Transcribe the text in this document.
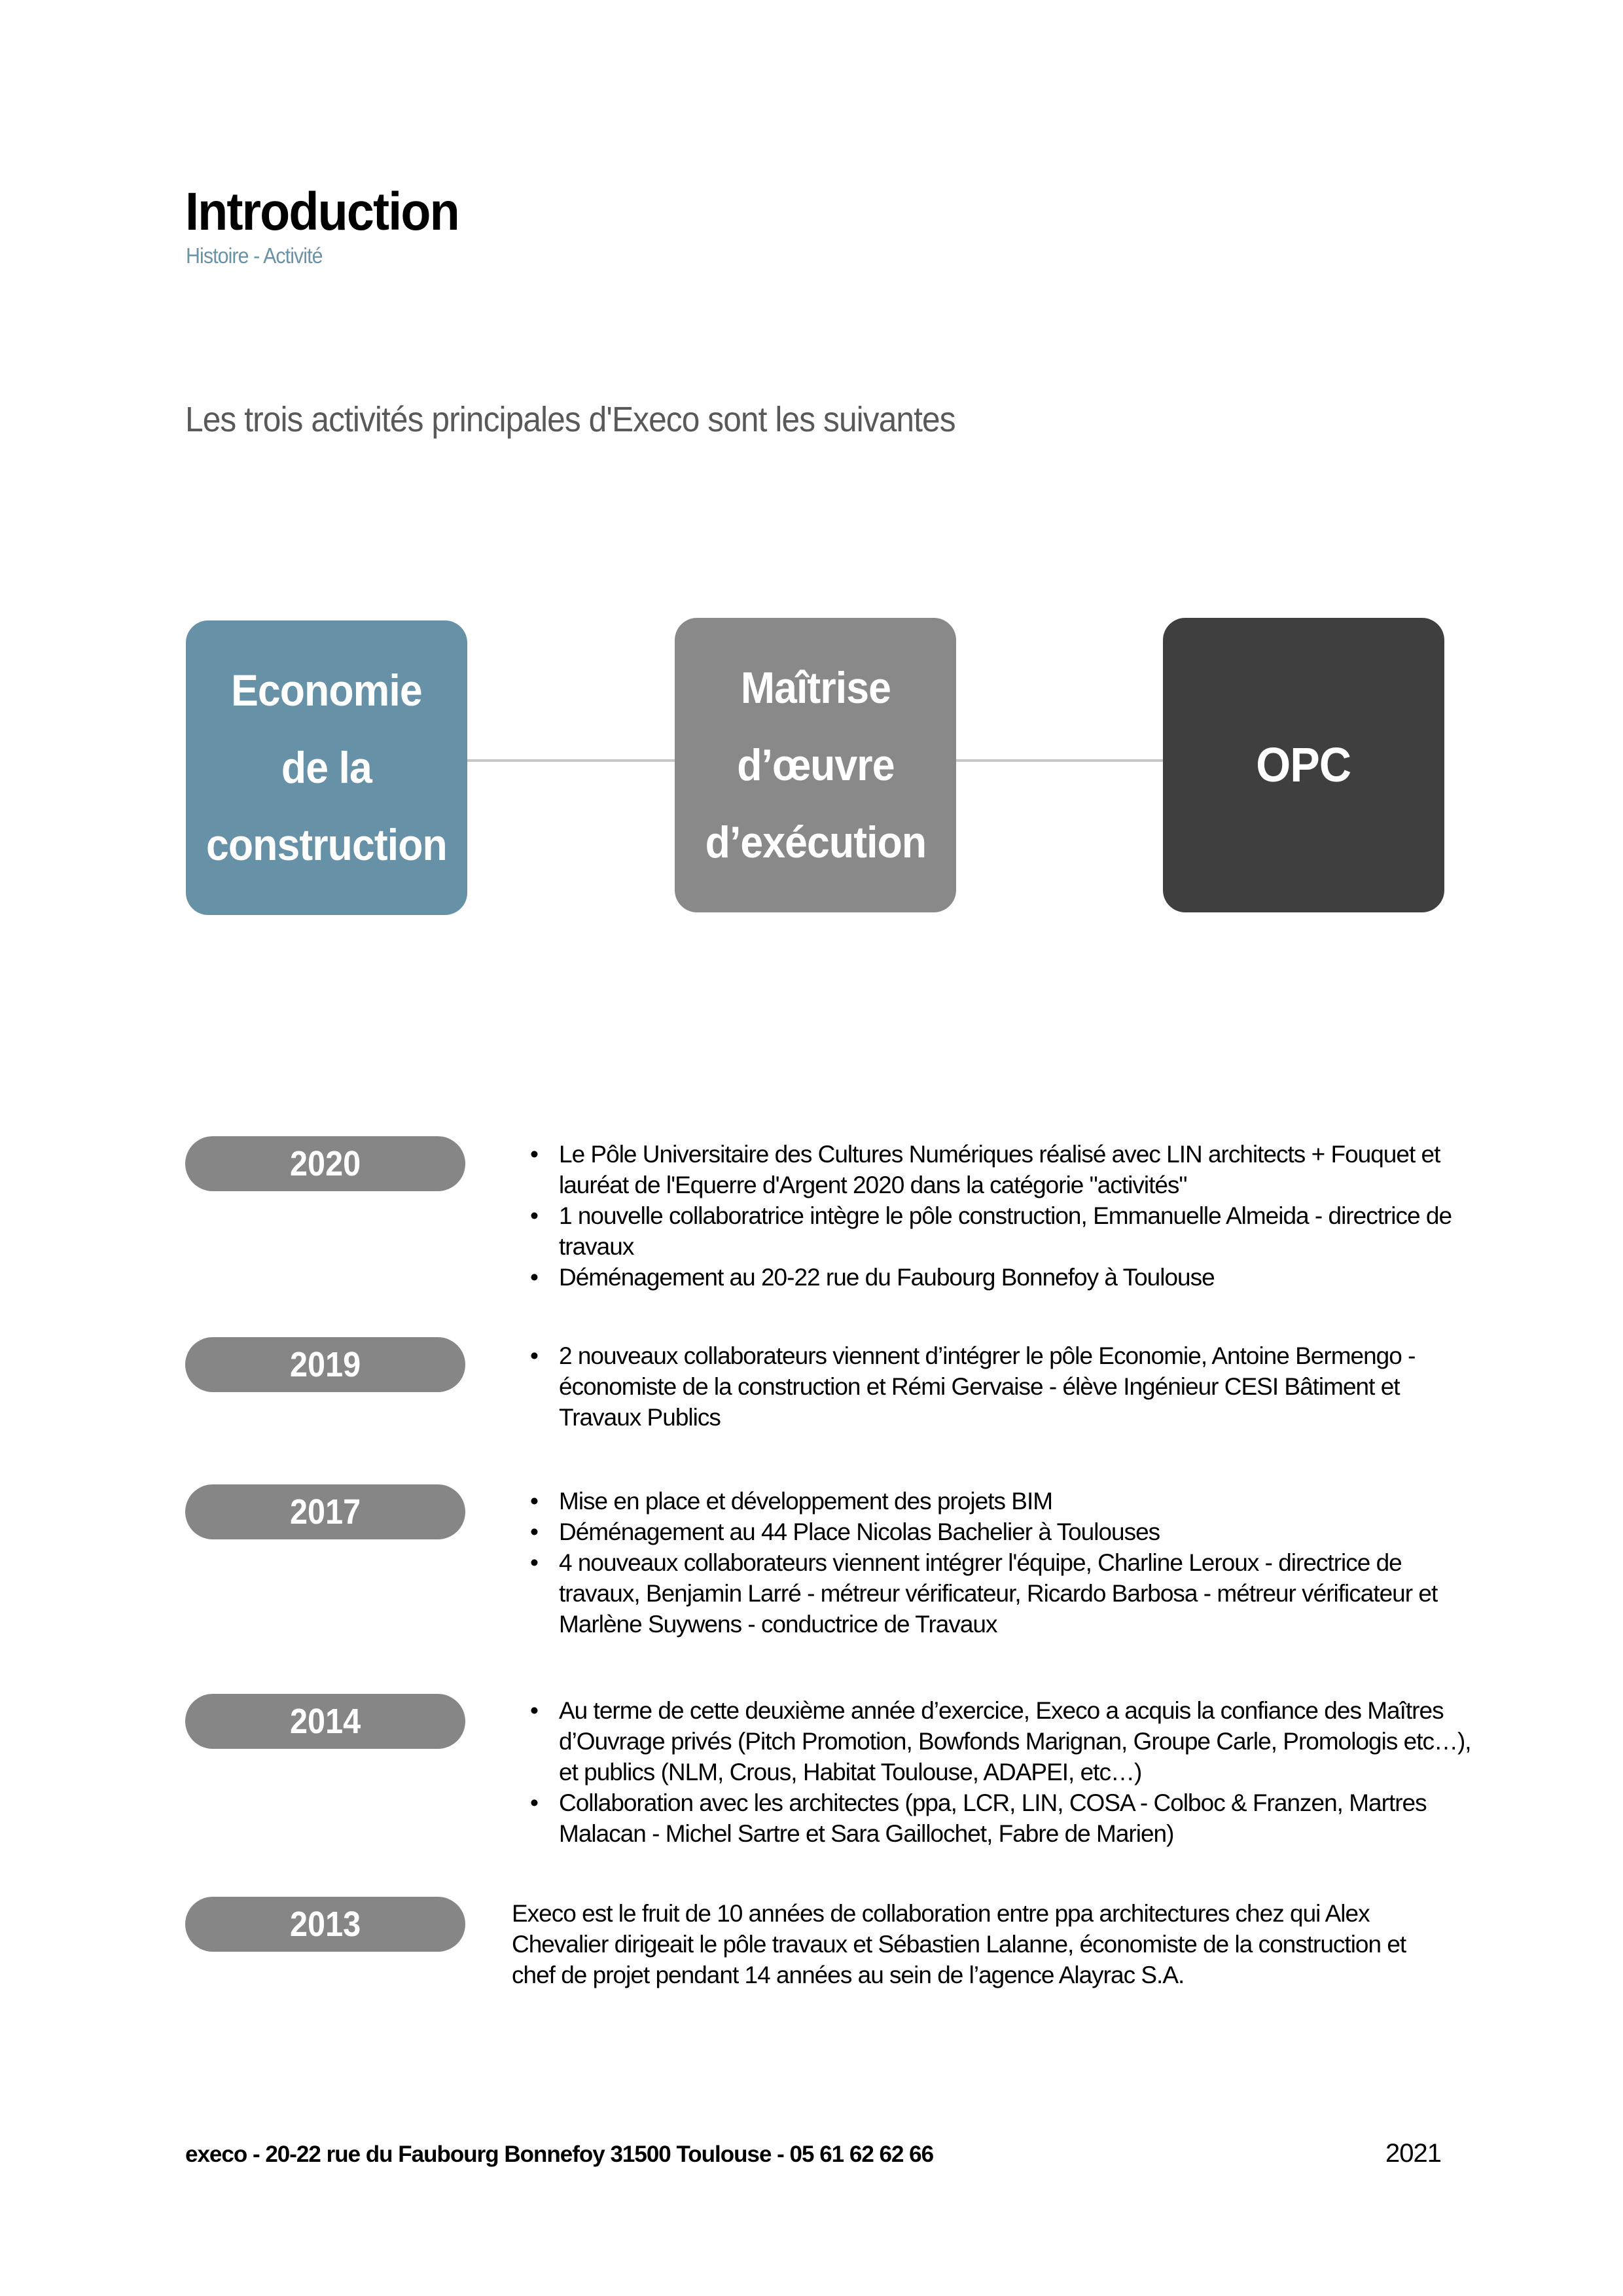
Introduction
Histoire - Activité
Les trois activités principales d'Execo sont les suivantes
Economie
de la
construction
Maîtrise
d’œuvre
d’exécution
OPC
2020	• Le Pôle Universitaire des Cultures Numériques réalisé avec LIN architects + Fouquet et lauréat de l'Equerre d'Argent 2020 dans la catégorie "activités"
• 1 nouvelle collaboratrice intègre le pôle construction, Emmanuelle Almeida - directrice de travaux
• Déménagement au 20-22 rue du Faubourg Bonnefoy à Toulouse
2019	• 2 nouveaux collaborateurs viennent d’intégrer le pôle Economie, Antoine Bermengo - économiste de la construction et Rémi Gervaise - élève Ingénieur CESI Bâtiment et Travaux Publics
2017	• Mise en place et développement des projets BIM
• Déménagement au 44 Place Nicolas Bachelier à Toulouses
• 4 nouveaux collaborateurs viennent intégrer l'équipe, Charline Leroux - directrice de travaux, Benjamin Larré - métreur vérificateur, Ricardo Barbosa - métreur vérificateur et Marlène Suywens - conductrice de Travaux
2014	• Au terme de cette deuxième année d’exercice, Execo a acquis la confiance des Maîtres d’Ouvrage privés (Pitch Promotion, Bowfonds Marignan, Groupe Carle, Promologis etc…), et publics (NLM, Crous, Habitat Toulouse, ADAPEI, etc…)
• Collaboration avec les architectes (ppa, LCR, LIN, COSA - Colboc & Franzen, Martres Malacan - Michel Sartre et Sara Gaillochet, Fabre de Marien)
2013	Execo est le fruit de 10 années de collaboration entre ppa architectures chez qui Alex Chevalier dirigeait le pôle travaux et Sébastien Lalanne, économiste de la construction et chef de projet pendant 14 années au sein de l’agence Alayrac S.A.

execo - 20-22 rue du Faubourg Bonnefoy 31500 Toulouse - 05 61 62 62 66	2021
